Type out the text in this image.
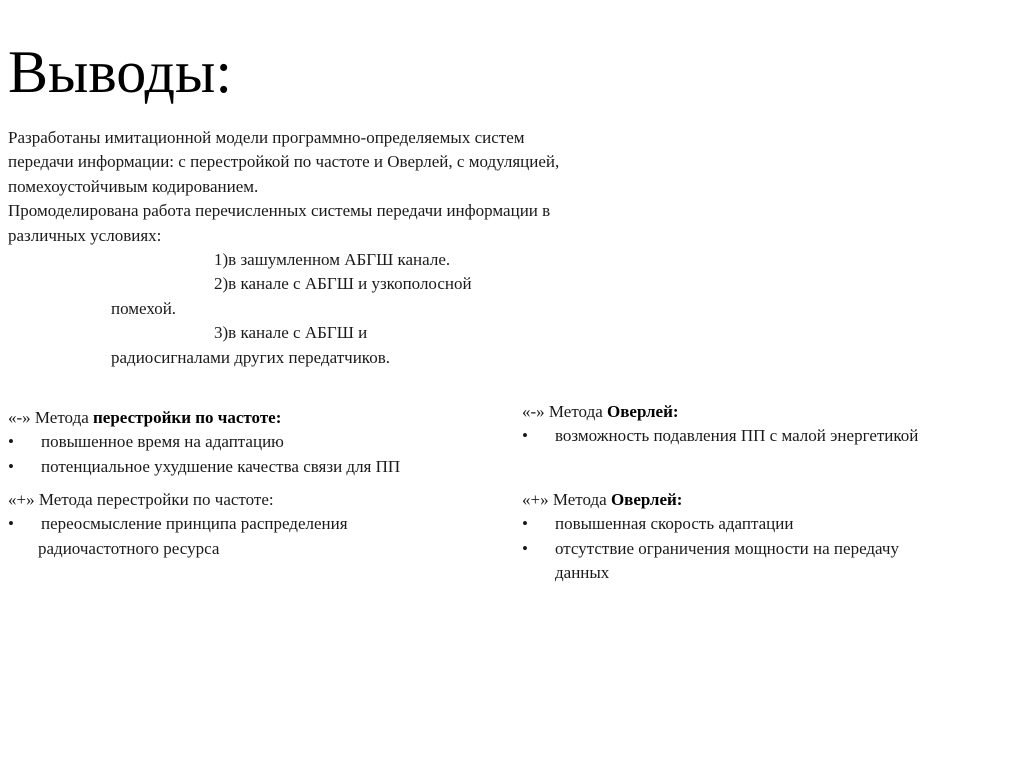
Выводы:
Разработаны имитационной модели программно-определяемых систем
передачи информации: с перестройкой по частоте и Оверлей, с модуляцией,
помехоустойчивым кодированием.
Промоделирована работа перечисленных системы передачи информации в
различных условиях:
1)в зашумленном АБГШ канале.
2)в канале с АБГШ и узкополосной
помехой.
3)в канале с АБГШ и
радиосигналами других передатчиков.
«-» Метода перестройки по частоте:
• повышенное время на адаптацию
• потенциальное ухудшение качества связи для ПП
«+» Метода перестройки по частоте:
• переосмысление принципа распределения
радиочастотного ресурса
«-» Метода Оверлей:
• возможность подавления ПП с малой энергетикой
«+» Метода Оверлей:
• повышенная скорость адаптации
• отсутствие ограничения мощности на передачу
данных
